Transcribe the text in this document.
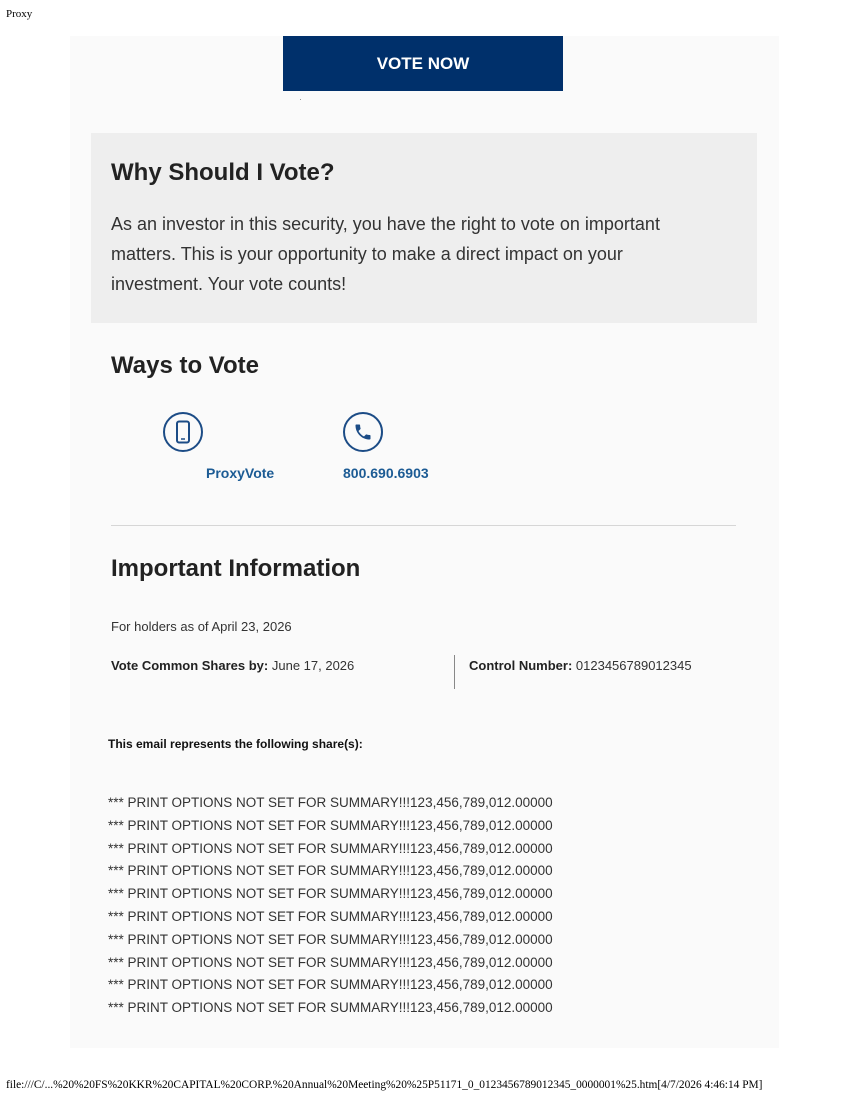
Proxy
VOTE NOW
Why Should I Vote?

As an investor in this security, you have the right to vote on important matters. This is your opportunity to make a direct impact on your investment. Your vote counts!

Ways to Vote
ProxyVote	800.690.6903
Important Information
For holders as of April 23, 2026
Vote Common Shares by: June 17, 2026	Control Number: 0123456789012345
This email represents the following share(s):
*** PRINT OPTIONS NOT SET FOR SUMMARY!!!123,456,789,012.00000
*** PRINT OPTIONS NOT SET FOR SUMMARY!!!123,456,789,012.00000
*** PRINT OPTIONS NOT SET FOR SUMMARY!!!123,456,789,012.00000
*** PRINT OPTIONS NOT SET FOR SUMMARY!!!123,456,789,012.00000
*** PRINT OPTIONS NOT SET FOR SUMMARY!!!123,456,789,012.00000
*** PRINT OPTIONS NOT SET FOR SUMMARY!!!123,456,789,012.00000
*** PRINT OPTIONS NOT SET FOR SUMMARY!!!123,456,789,012.00000
*** PRINT OPTIONS NOT SET FOR SUMMARY!!!123,456,789,012.00000
*** PRINT OPTIONS NOT SET FOR SUMMARY!!!123,456,789,012.00000
*** PRINT OPTIONS NOT SET FOR SUMMARY!!!123,456,789,012.00000
file:///C/...%20%20FS%20KKR%20CAPITAL%20CORP.%20Annual%20Meeting%20%25P51171_0_0123456789012345_0000001%25.htm[4/7/2026 4:46:14 PM]
